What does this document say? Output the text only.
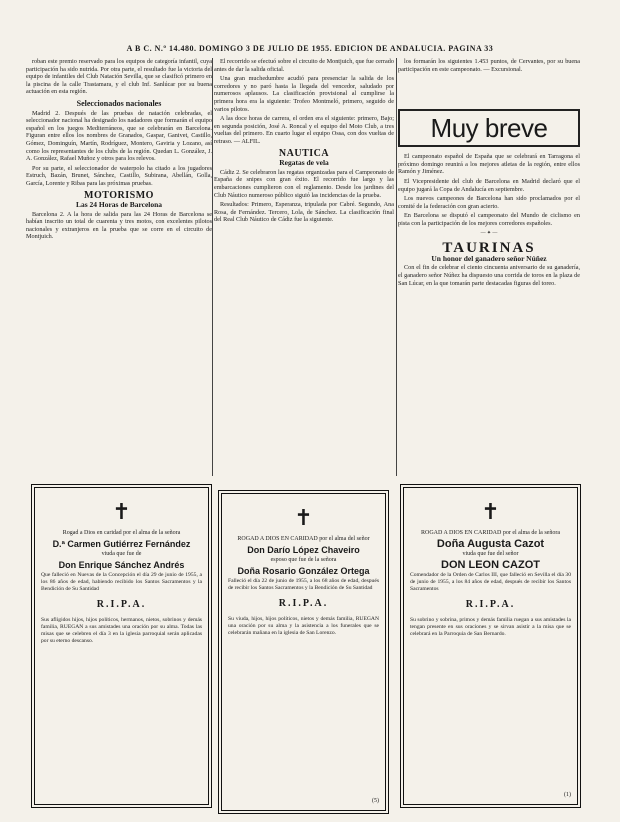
A B C. N.º 14.480. DOMINGO 3 DE JULIO DE 1955. EDICION DE ANDALUCIA. PAGINA 33

roban este premio reservado para los equipos de categoría infantil, cuya participación ha sido nutrida. Por otra parte, el resultado fue la victoria del equipo de infantiles del Club Natación Sevilla, que se clasificó primero en la piscina de la calle Trastamara, y el club Inf. Sanlúcar por su buena actuación en esta región.

Seleccionados nacionales

Madrid 2. Después de las pruebas de natación celebradas, el seleccionador nacional ha designado los nadadores que formarán el equipo español en los juegos Mediterráneos, que se celebrarán en Barcelona. Figuran entre ellos los nombres de Granados, Gaspar, Ganivet, Castillo, Gómez, Dominguín, Martín, Rodríguez, Montero, Gaviria y Lozano, así como los representantes de los clubs de la región. Quedan L. González, J. A. González, Rafael Muñoz y otros para los relevos.

Por su parte, el seleccionador de waterpolo ha citado a los jugadores Estruch, Bazán, Brunet, Sánchez, Castillo, Subirana, Abellán, Golla, García, Lorente y Ribas para las próximas pruebas.

MOTORISMO
Las 24 Horas de Barcelona

Barcelona 2. A la hora de salida para las 24 Horas de Barcelona se habían inscrito un total de cuarenta y tres motos, con excelentes pilotos nacionales y extranjeros en la prueba que se corre en el circuito de Montjuich.

El recorrido se efectuó sobre el circuito de Montjuich, que fue cerrado antes de dar la salida oficial.

Una gran muchedumbre acudió para presenciar la salida de los corredores y no paró hasta la llegada del vencedor, saludado por numerosos aplausos. La clasificación provisional al cumplirse la primera hora era la siguiente: Trofeo Montmeló, primero, seguido de varios pilotos.

A las doce horas de carrera, el orden era el siguiente: primero, Bajo; en segunda posición, José A. Roncal y el equipo del Moto Club, a tres vueltas del primero. En cuarto lugar el equipo Ossa, con dos vueltas de retraso. — ALFIL.

NAUTICA
Regatas de vela

Cádiz 2. Se celebraron las regatas organizadas para el Campeonato de España de snipes con gran éxito. El recorrido fue largo y las embarcaciones cumplieron con el reglamento. Desde los jardines del Club Náutico numeroso público siguió las incidencias de la prueba.

Resultados: Primero, Esperanza, tripulada por Cabré. Segundo, Ana Rosa, de Fernández. Tercero, Lola, de Sánchez. La clasificación final del Real Club Náutico de Cádiz fue la siguiente.

los formarán los siguientes 1.453 puntos, de Cervantes, por su buena participación en este campeonato. — Excursional.

Muy breve

El campeonato español de España que se celebrará en Tarragona el próximo domingo reunirá a los mejores atletas de la región, entre ellos Ramón y Jiménez.

El Vicepresidente del club de Barcelona en Madrid declaró que el equipo jugará la Copa de Andalucía en septiembre.

Los nuevos campeones de Barcelona han sido proclamados por el comité de la federación con gran acierto.

En Barcelona se disputó el campeonato del Mundo de ciclismo en pista con la participación de los mejores corredores españoles.

— ✦ —
TAURINAS
Un honor del ganadero señor Núñez

Con el fin de celebrar el ciento cincuenta aniversario de su ganadería, el ganadero señor Núñez ha dispuesto una corrida de toros en la plaza de San Lúcar, en la que tomarán parte destacadas figuras del toreo.

✝
Rogad a Dios en caridad por el alma de la señora
D.ª Carmen Gutiérrez Fernández
viuda que fue de
Don Enrique Sánchez Andrés
Que falleció en Nuevas de la Concepción el día 29 de junio de 1955, a los 86 años de edad, habiendo recibido los Santos Sacramentos y la Bendición de Su Santidad
R.I.P.A.
Sus afligidos hijos, hijos políticos, hermanos, nietos, sobrinos y demás familia, RUEGAN a sus amistades una oración por su alma. Todas las misas que se celebren el día 3 en la iglesia parroquial serán aplicadas por su eterno descanso.
✝
ROGAD A DIOS EN CARIDAD por el alma del señor
Don Darío López Chaveiro
esposo que fue de la señora
Doña Rosario González Ortega
Falleció el día 22 de junio de 1955, a los 68 años de edad, después de recibir los Santos Sacramentos y la Bendición de Su Santidad
R.I.P.A.
Su viuda, hijos, hijos políticos, nietos y demás familia, RUEGAN una oración por su alma y la asistencia a los funerales que se celebrarán mañana en la iglesia de San Lorenzo.
(5)
✝
ROGAD A DIOS EN CARIDAD por el alma de la señora
Doña Augusta Cazot
viuda que fue del señor
DON LEON CAZOT
Comendador de la Orden de Carlos III, que falleció en Sevilla el día 30 de junio de 1955, a los 84 años de edad, después de recibir los Santos Sacramentos
R.I.P.A.
Su sobrino y sobrina, primos y demás familia ruegan a sus amistades la tengan presente en sus oraciones y se sirvan asistir a la misa que se celebrará en la Parroquia de San Bernardo.
(1)
